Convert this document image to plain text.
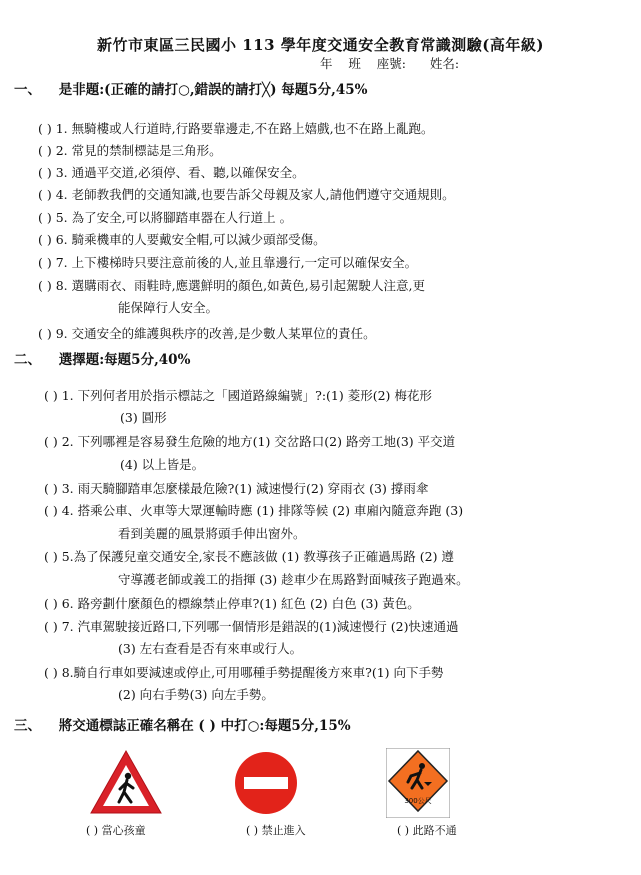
新竹市東區三民國小 113 學年度交通安全教育常識測驗(高年級)
年    班    座號:      姓名:
一、 是非題:(正確的請打○,錯誤的請打╳) 每題5分,45%
二、 選擇題:每題5分,40%
( ) 1. 無騎樓或人行道時,行路要靠邊走,不在路上嬉戲,也不在路上亂跑。
( ) 2. 常見的禁制標誌是三角形。
( ) 3. 通過平交道,必須停、看、聽,以確保安全。
( ) 4. 老師教我們的交通知識,也要告訴父母親及家人,請他們遵守交通規則。
( ) 5. 為了安全,可以將腳踏車器在人行道上 。
( ) 6. 騎乘機車的人要戴安全帽,可以減少頭部受傷。
( ) 7. 上下樓梯時只要注意前後的人,並且靠邊行,一定可以確保安全。
( ) 8. 選購雨衣、雨鞋時,應選鮮明的顏色,如黃色,易引起駕駛人注意,更
能保障行人安全。
( ) 9. 交通安全的維護與秩序的改善,是少數人某單位的責任。
( ) 1. 下列何者用於指示標誌之「國道路線編號」?:(1) 菱形(2) 梅花形
(3) 圓形
( ) 2. 下列哪裡是容易發生危險的地方(1) 交岔路口(2) 路旁工地(3) 平交道
(4) 以上皆是。
( ) 3. 雨天騎腳踏車怎麼樣最危險?(1) 減速慢行(2) 穿雨衣 (3) 撐雨傘
( ) 4. 搭乘公車、火車等大眾運輸時應 (1) 排隊等候 (2) 車廂內隨意奔跑 (3)
看到美麗的風景將頭手伸出窗外。
( ) 5.為了保護兒童交通安全,家長不應該做 (1) 教導孩子正確過馬路 (2) 遵
守導護老師或義工的指揮 (3) 趁車少在馬路對面喊孩子跑過來。
( ) 6. 路旁劃什麼顏色的標線禁止停車?(1) 紅色 (2) 白色 (3) 黃色。
( ) 7. 汽車駕駛接近路口,下列哪一個情形是錯誤的(1)減速慢行 (2)快速通過
(3) 左右查看是否有來車或行人。
( ) 8.騎自行車如要減速或停止,可用哪種手勢提醒後方來車?(1) 向下手勢
(2) 向右手勢(3) 向左手勢。
三、 將交通標誌正確名稱在 ( ) 中打○:每題5分,15%
300公尺
( ) 當心孩童	( ) 禁止進入	( ) 此路不通
